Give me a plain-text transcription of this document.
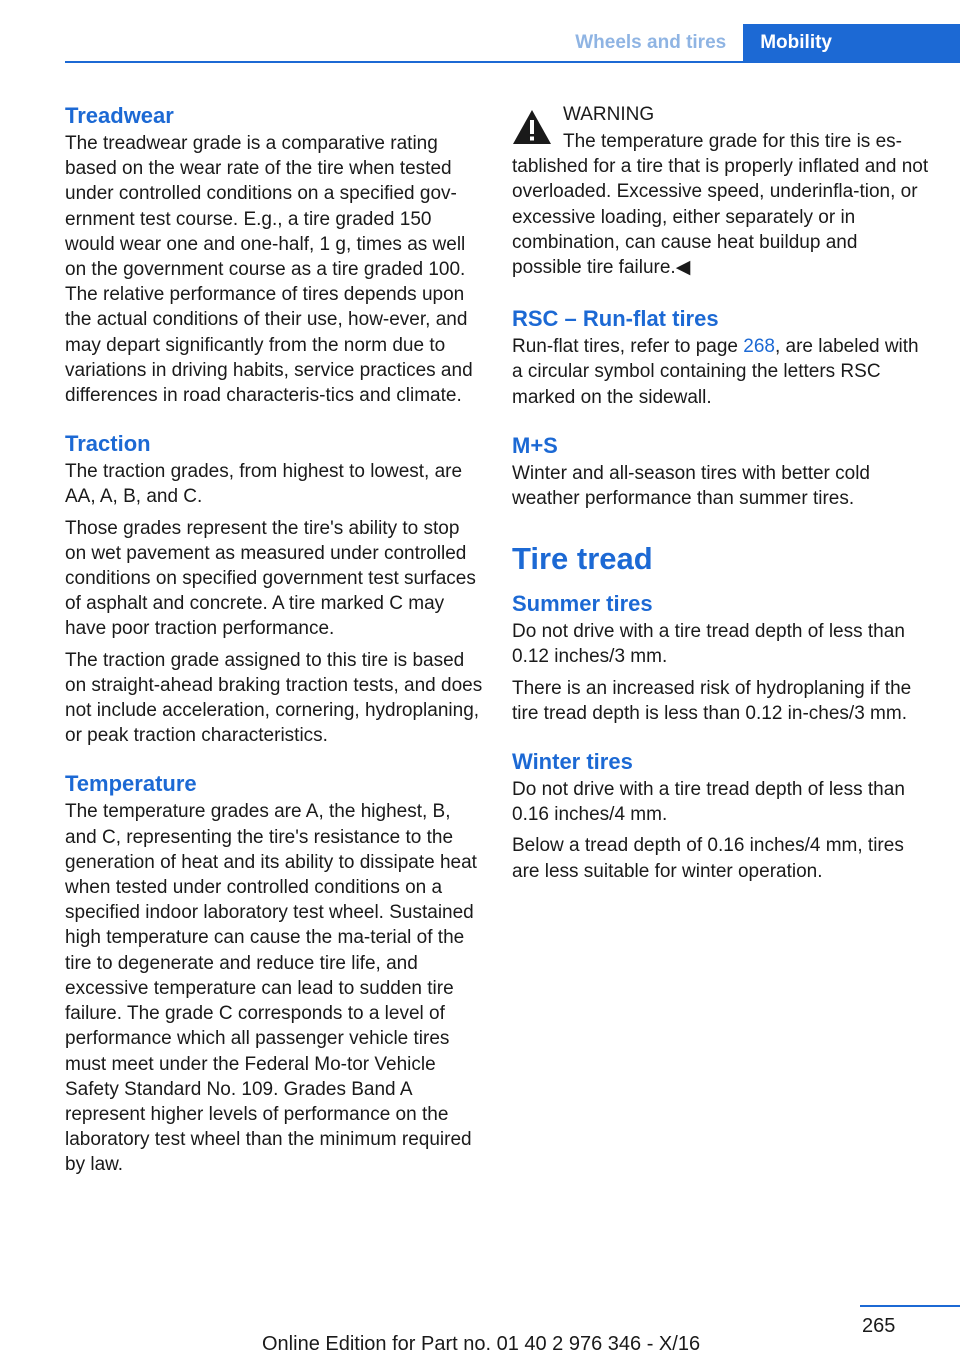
Wheels and tires	Mobility
Treadwear

The treadwear grade is a comparative rating based on the wear rate of the tire when tested under controlled conditions on a specified gov-ernment test course. E.g., a tire graded 150 would wear one and one-half, 1 g, times as well on the government course as a tire graded 100. The relative performance of tires depends upon the actual conditions of their use, how-ever, and may depart significantly from the norm due to variations in driving habits, service practices and differences in road characteris-tics and climate.

Traction

The traction grades, from highest to lowest, are AA, A, B, and C.

Those grades represent the tire's ability to stop on wet pavement as measured under controlled conditions on specified government test surfaces of asphalt and concrete. A tire marked C may have poor traction performance.

The traction grade assigned to this tire is based on straight-ahead braking traction tests, and does not include acceleration, cornering, hydroplaning, or peak traction characteristics.

Temperature

The temperature grades are A, the highest, B, and C, representing the tire's resistance to the generation of heat and its ability to dissipate heat when tested under controlled conditions on a specified indoor laboratory test wheel. Sustained high temperature can cause the ma-terial of the tire to degenerate and reduce tire life, and excessive temperature can lead to sudden tire failure. The grade C corresponds to a level of performance which all passenger vehicle tires must meet under the Federal Mo-tor Vehicle Safety Standard No. 109. Grades Band A represent higher levels of performance on the laboratory test wheel than the minimum required by law.

WARNING

The temperature grade for this tire is es-

tablished for a tire that is properly inflated and not overloaded. Excessive speed, underinfla-tion, or excessive loading, either separately or in combination, can cause heat buildup and possible tire failure.◀

RSC – Run-flat tires

Run-flat tires, refer to page 268, are labeled with a circular symbol containing the letters RSC marked on the sidewall.

M+S

Winter and all-season tires with better cold weather performance than summer tires.

Tire tread
Summer tires

Do not drive with a tire tread depth of less than 0.12 inches/3 mm.

There is an increased risk of hydroplaning if the tire tread depth is less than 0.12 in-ches/3 mm.

Winter tires

Do not drive with a tire tread depth of less than 0.16 inches/4 mm.

Below a tread depth of 0.16 inches/4 mm, tires are less suitable for winter operation.

265
Online Edition for Part no. 01 40 2 976 346 - X/16
